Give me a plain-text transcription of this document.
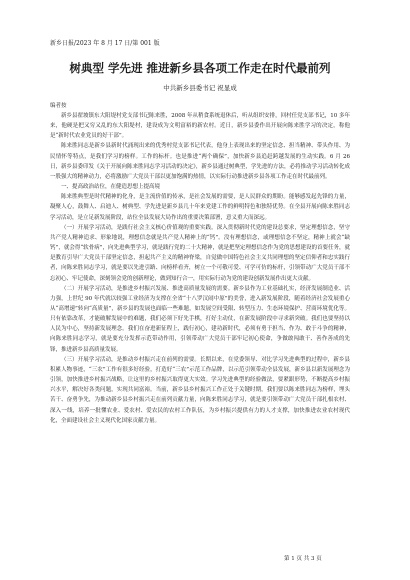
新乡日报/2023 年 8 月 17 日/第 001 版
树典型 学先进 推进新乡县各项工作走在时代最前列
中共新乡县委书记 祝显成

编者按

新乡县翟坡镇东大阳堤村党支部书记陈来胜，2008 年从稍食系统退休后，听从组织安排，回村任党支部书记，10 多年来，他硬是把又穷又乱的东大阳堤村，建设成为文明富裕的新农村。近日，新乡县委作出开展向陈来胜学习的决定，称他是“新时代农业党员的好干部”。

陈来胜同志是新乡县新时代涌现出来的优秀村党支部书记代表，他身上表现出来的坚定信念、担当精神、带头作用、为民情怀等特点，是我们学习的榜样。工作的标杆。也是推进“两个确保”，加快新乡县追赶跨越发展的生动实践。6 月 26 日，新乡县委印发《关于开展向陈来胜同志学习活动的决定》，新乡县通过树典型，学先进的方法，必将推动学习活动转化成一股强大的精神动力，必将激励广大党员干部以更加饱满的热情，以实际行动推进新乡县各项工作走在时代最前列。

一、提高政治站位，在健造思想上提高境

陈来胜典型是时代精神的化身，是主流价值的传承，是社会发展的需要，是人民群众的期盼。能够感发起先锋的力量，凝聚人心，鼓舞人、启迪人、树典型、学先进是新乡县几十年来党建工作的鲜明特色和独特优势。在全县开展向陈来胜同志学习活动，是立足新发展阶段，站位全县发展大局作出的重要决策部署，意义重大而深远。

（一）开展学习活动，是践行社会主义核心价值观的重要实践。深入贯彻新时代党的建设总要求，坚定理想信念，坚守共产党人精神追求、形象地说，理想信念就是共产党人精神上的“钙”。没有理想信念，或理想信念不坚定，精神上就会“缺钙”，就会得“软骨病”，向先进典型学习，就是践行党的二十大精神，就是把坚定理想信念作为党的思想建设的首要任务，就是教育引导广大党员干部坚定信念，担起共产主义的精神脊梁，自觉做中国特色社会主义共同理想的坚定信仰者和忠实践行者，向陈来胜同志学习，就是要以先进引路、向榜样看齐，树立一个可敬可爱、可学可仿的标杆，引领带动广大党员干部不忘初心、牢记使命，深刻领会党的创新理论，做到知行合一，用实际行动为党的建设创新发展作出更大贡献。

（二）开展学习活动，是推进乡村振兴发展、推进高质量发展的需要。新乡县作为工业基础扎实，经济发展制造业、活力强，上世纪 90 年代就以较强工业经济为支撑在全省“十八罗汉闹中原”的美誉，进入新发展阶段，随着经济社会发展重心从“高增速”转向“高质量”，新乡县的发展也面临一些难题，如发展空间受限、转型压力、生态环境保护、营商环境优化等。只有依靠改革，才能破解发展中的难题，我们必须下好先手棋，打好主动仗，在新发展阶段中寻求新突破。我们也要坚持以人民为中心，坚持新发展理念。我们在奋进新征程上，践行初心，建功新时代，必须有勇于担当、作为、敢于斗争的精神，向陈来胜同志学习，就是要充分发挥示范带动作用，引领带动广大党员干部牢记初心使命，争做敢闯敢干、善作善成的先锋，推进新乡县高质量发展。

（三）开展学习活动，是推动乡村振兴走在前列的需要。长期以来，在党委领导、对比学习先进典型的过程中，新乡县积累人物事迹，“三农”工作有很多好经验，打造好“三农”示范工作品牌，以示范引领带动全县发展，新乡县以新发展理念为引领，加快推进乡村振兴战略，让这里的乡村振兴取得更大实效。学习先进典型的经验做法，要紧跟形势，不断提高乡村振兴水平，解决好各类问题，实现共同富裕。当前，新乡县乡村振兴工作正处于关键时期，我们要以陈来胜同志为榜样，埋头苦干、奋勇争先，为推动新乡县乡村振兴走在前列贡献力量，向陈来胜同志学习，就是要引领带动广大党员干部扎根农村、深入一线，培养一批懂农业、爱农村、爱农民的农村工作队伍，为乡村振兴提供有力的人才支撑，加快推进农业农村现代化，全面建设社会主义现代化国家贡献力量。

第 1 页 共 3 页
